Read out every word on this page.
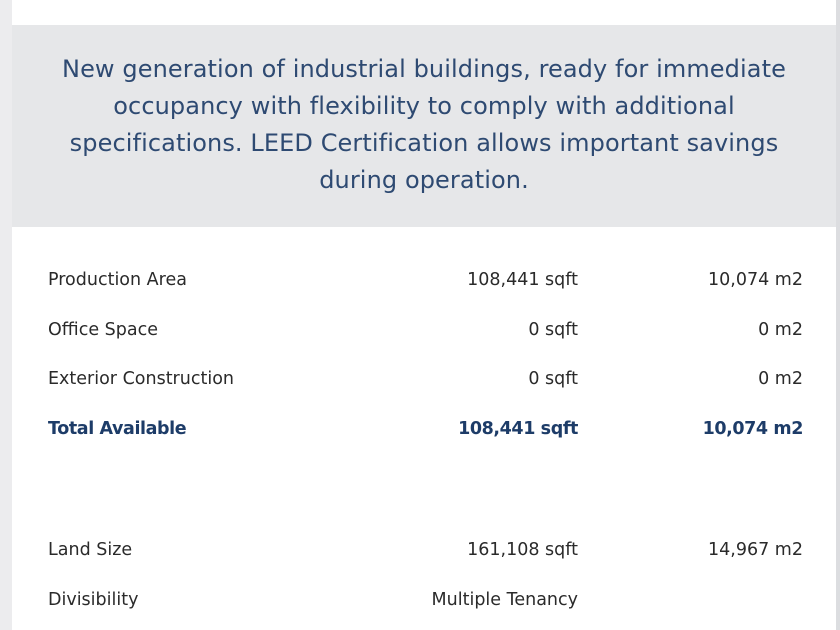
New generation of industrial buildings, ready for immediate occupancy with flexibility to comply with additional specifications. LEED Certification allows important savings during operation.
Production Area	108,441 sqft	10,074 m2
Office Space	0 sqft	0 m2
Exterior Construction	0 sqft	0 m2
Total Available	108,441 sqft	10,074 m2
Land Size	161,108 sqft	14,967 m2
Divisibility	Multiple Tenancy
